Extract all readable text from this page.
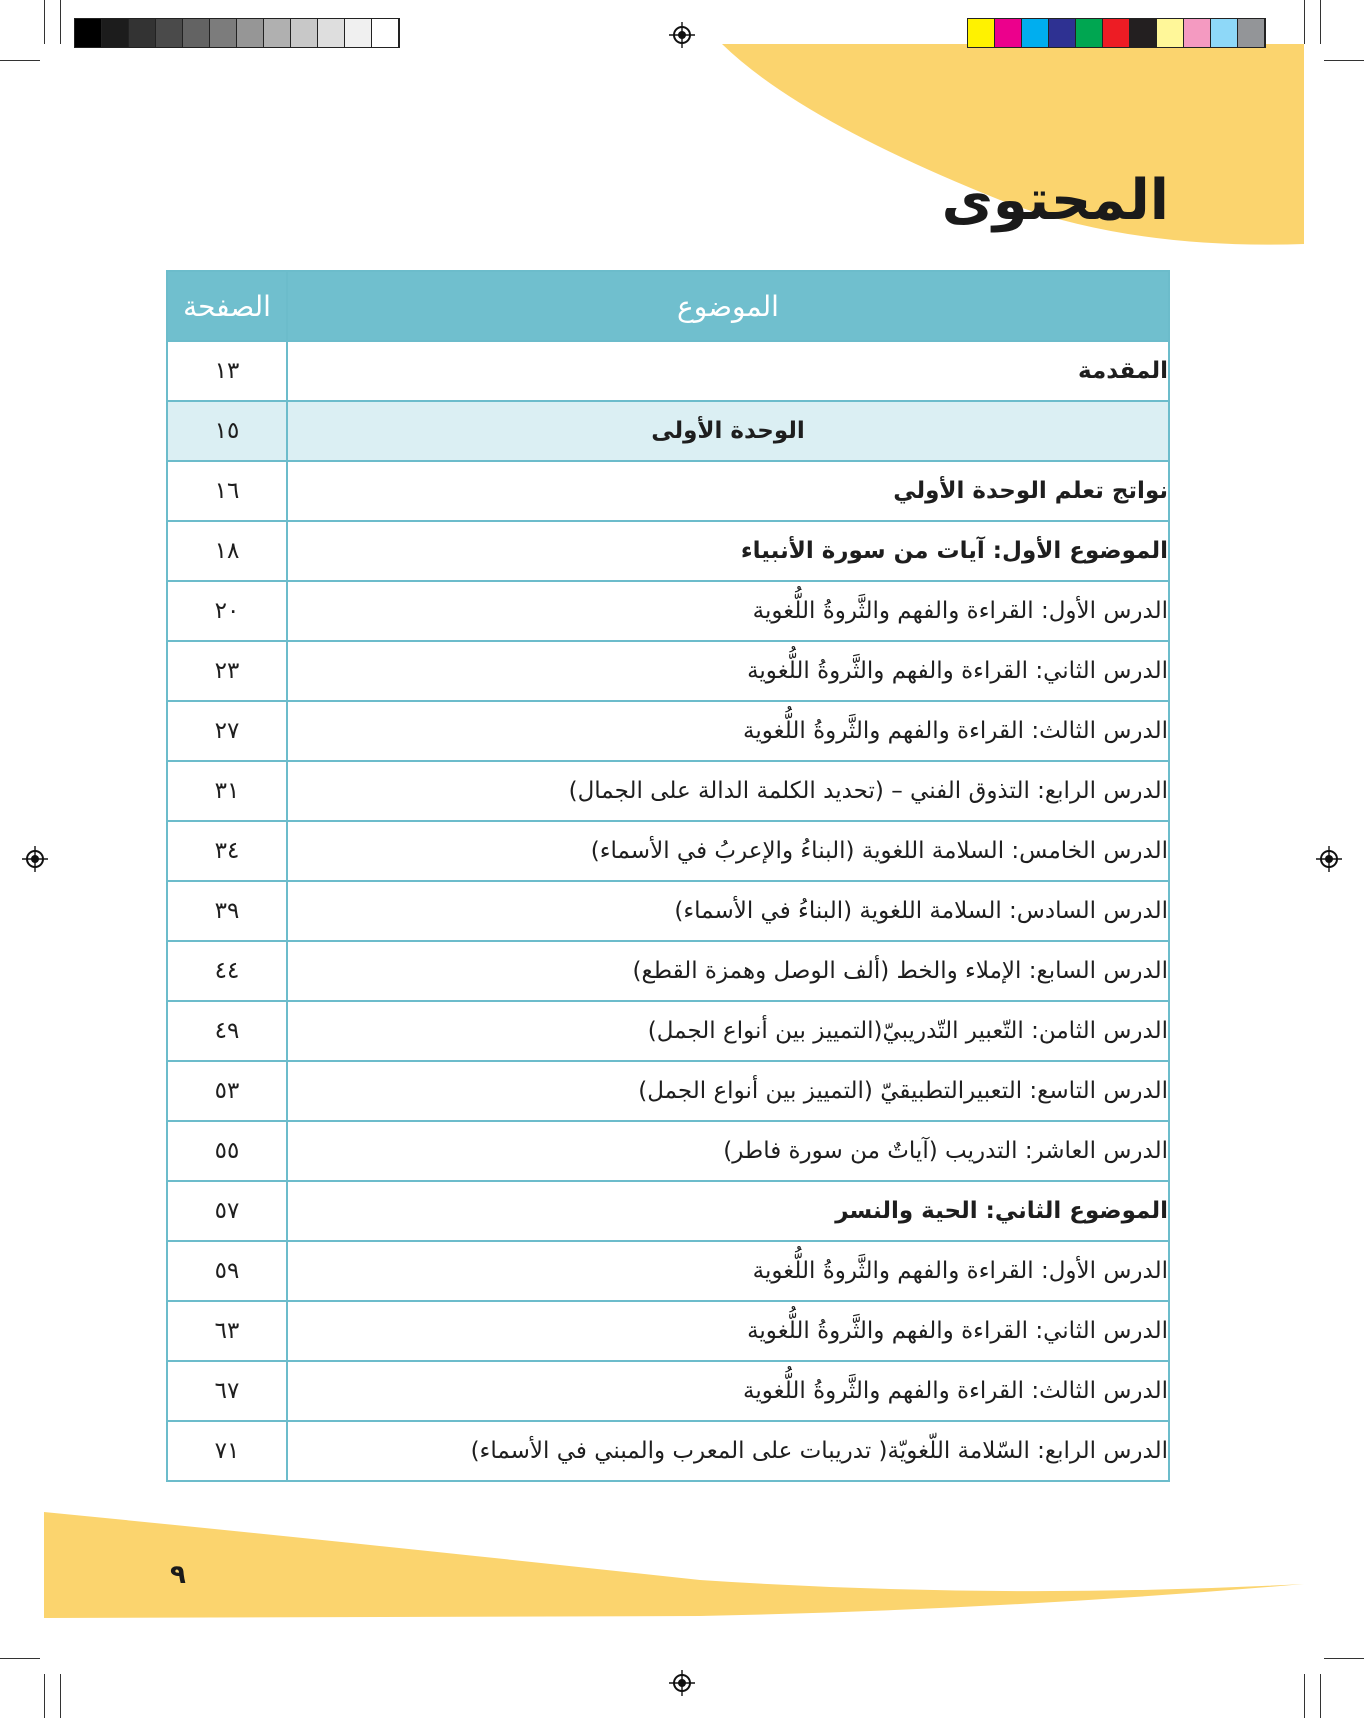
المحتوى
الموضوع	الصفحة
المقدمة	١٣
الوحدة الأولى	١٥
نواتج تعلم الوحدة الأولي	١٦
الموضوع الأول: آيات من سورة الأنبياء	١٨
الدرس الأول: القراءة والفهم والثَّروةُ اللُّغوية	٢٠
الدرس الثاني: القراءة والفهم والثَّروةُ اللُّغوية	٢٣
الدرس الثالث: القراءة والفهم والثَّروةُ اللُّغوية	٢٧
الدرس الرابع: التذوق الفني – (تحديد الكلمة الدالة على الجمال)	٣١
الدرس الخامس: السلامة اللغوية (البناءُ والإعربُ في الأسماء)	٣٤
الدرس السادس: السلامة اللغوية (البناءُ في الأسماء)	٣٩
الدرس السابع: الإملاء والخط (ألف الوصل وهمزة القطع)	٤٤
الدرس الثامن: التّعبير التّدريبيّ(التمييز بين أنواع الجمل)	٤٩
الدرس التاسع: التعبيرالتطبيقيّ (التمييز بين أنواع الجمل)	٥٣
الدرس العاشر: التدريب (آياتٌ من سورة فاطر)	٥٥
الموضوع الثاني: الحية والنسر	٥٧
الدرس الأول: القراءة والفهم والثَّروةُ اللُّغوية	٥٩
الدرس الثاني: القراءة والفهم والثَّروةُ اللُّغوية	٦٣
الدرس الثالث: القراءة والفهم والثَّروةُ اللُّغوية	٦٧
الدرس الرابع: السّلامة اللّغويّة( تدريبات على المعرب والمبني في الأسماء)	٧١
٩
